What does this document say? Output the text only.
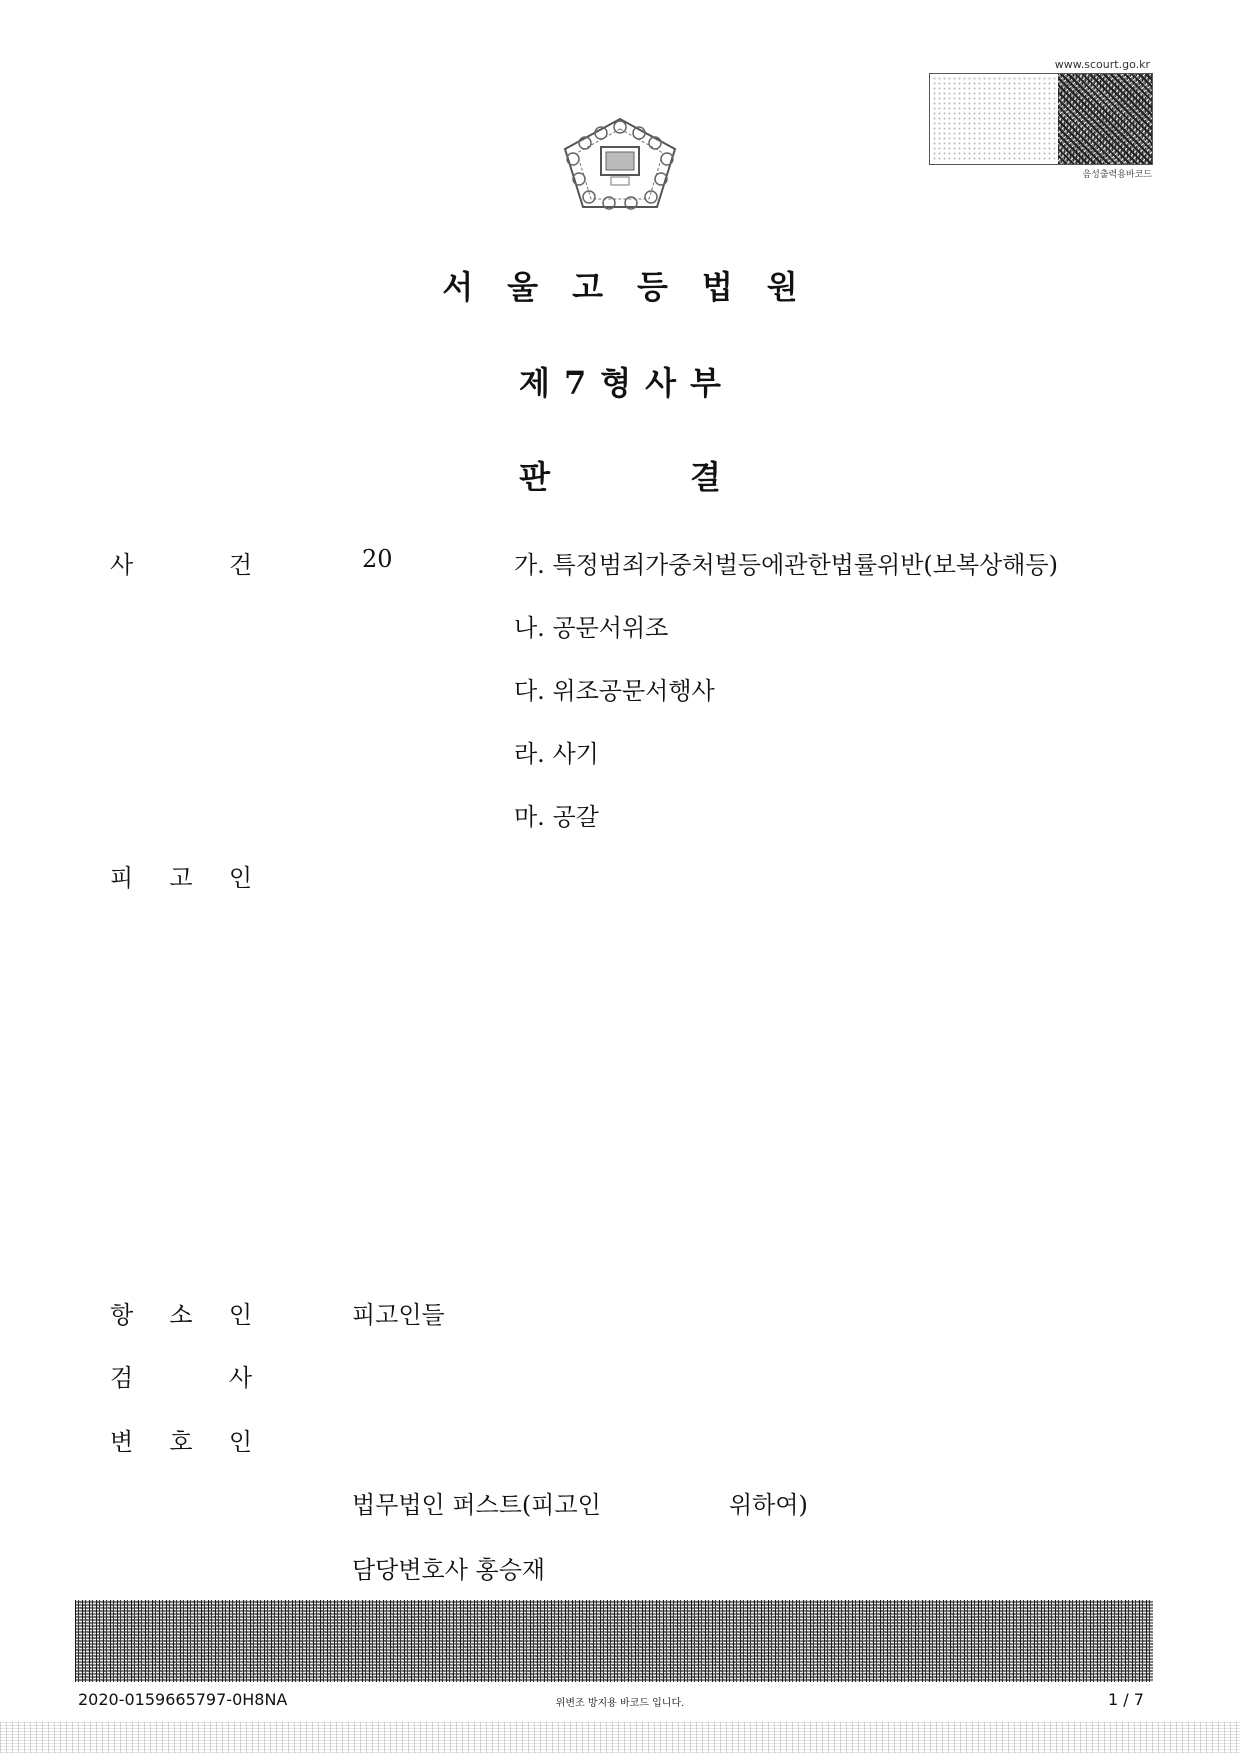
www.scourt.go.kr
음성출력용바코드
서울고등법원
제7형사부
판결
사 건	20	가. 특정범죄가중처벌등에관한법률위반(보복상해등)
나. 공문서위조
다. 위조공문서행사
라. 사기
마. 공갈
피 고 인
항 소 인	피고인들
검 사
변 호 인
법무법인 퍼스트(피고인	위하여)
담당변호사 홍승재
2020-0159665797-0H8NA	위변조 방지용 바코드 입니다.	1 / 7
